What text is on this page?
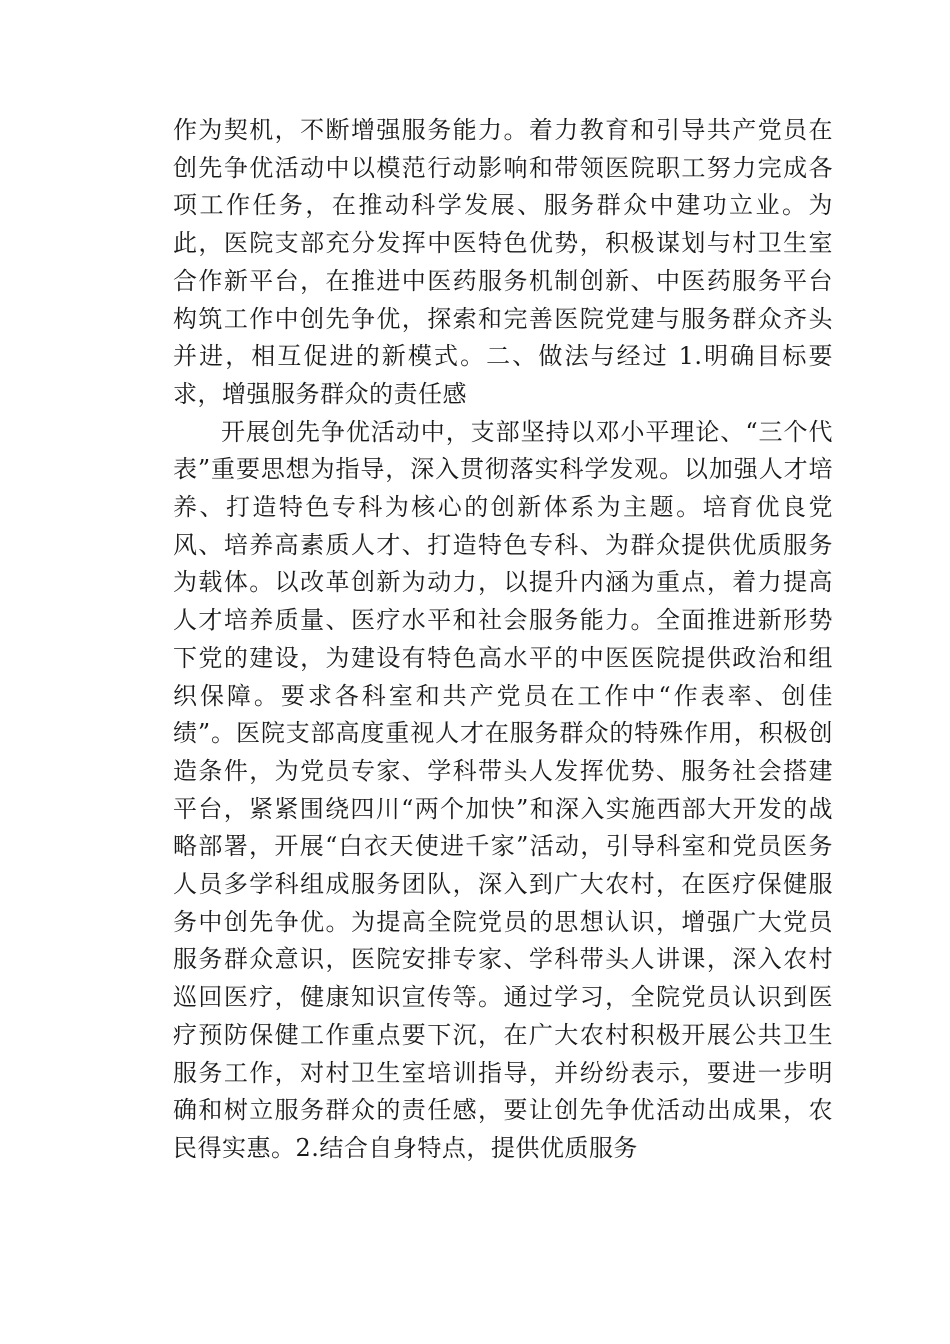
作为契机，不断增强服务能力。着力教育和引导共产党员在创先争优活动中以模范行动影响和带领医院职工努力完成各项工作任务，在推动科学发展、服务群众中建功立业。为此，医院支部充分发挥中医特色优势，积极谋划与村卫生室合作新平台，在推进中医药服务机制创新、中医药服务平台构筑工作中创先争优，探索和完善医院党建与服务群众齐头并进，相互促进的新模式。二、做法与经过 1.明确目标要求，增强服务群众的责任感

开展创先争优活动中，支部坚持以邓小平理论、“三个代表”重要思想为指导，深入贯彻落实科学发观。以加强人才培养、打造特色专科为核心的创新体系为主题。培育优良党风、培养高素质人才、打造特色专科、为群众提供优质服务为载体。以改革创新为动力，以提升内涵为重点，着力提高人才培养质量、医疗水平和社会服务能力。全面推进新形势下党的建设，为建设有特色高水平的中医医院提供政治和组织保障。要求各科室和共产党员在工作中“作表率、创佳绩”。医院支部高度重视人才在服务群众的特殊作用，积极创造条件，为党员专家、学科带头人发挥优势、服务社会搭建平台，紧紧围绕四川“两个加快”和深入实施西部大开发的战略部署，开展“白衣天使进千家”活动，引导科室和党员医务人员多学科组成服务团队，深入到广大农村，在医疗保健服务中创先争优。为提高全院党员的思想认识，增强广大党员服务群众意识，医院安排专家、学科带头人讲课，深入农村巡回医疗，健康知识宣传等。通过学习，全院党员认识到医疗预防保健工作重点要下沉，在广大农村积极开展公共卫生服务工作，对村卫生室培训指导，并纷纷表示，要进一步明确和树立服务群众的责任感，要让创先争优活动出成果，农民得实惠。2.结合自身特点，提供优质服务
